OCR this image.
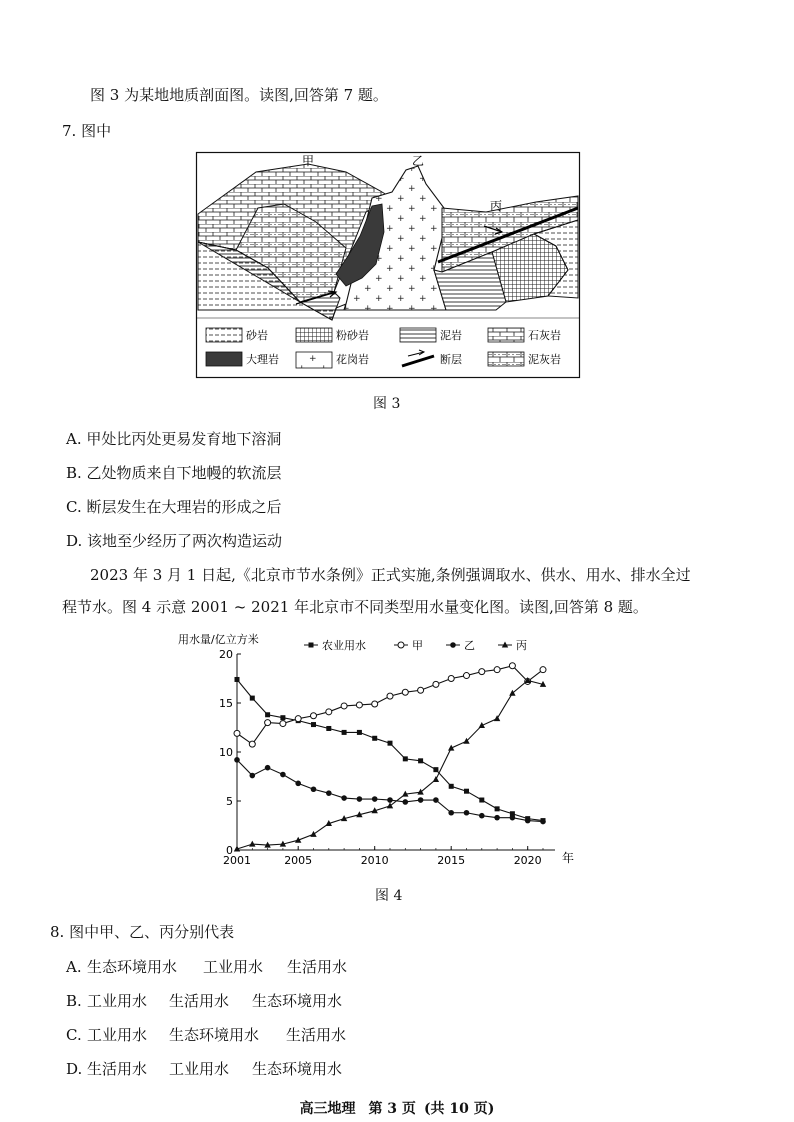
图 3 为某地地质剖面图。读图,回答第 7 题。
7. 图中
甲	乙
丙
砂岩	粉砂岩	泥岩	石灰岩
大理岩	花岗岩	断层	泥灰岩
图 3
A. 甲处比丙处更易发育地下溶洞
B. 乙处物质来自下地幔的软流层
C. 断层发生在大理岩的形成之后
D. 该地至少经历了两次构造运动
2023 年 3 月 1 日起,《北京市节水条例》正式实施,条例强调取水、供水、用水、排水全过
程节水。图 4 示意 2001 ~ 2021 年北京市不同类型用水量变化图。读图,回答第 8 题。
0
5
10
15
20
2001	2005	2010	2015	2020
农业用水	甲	乙	丙
用水量/亿立方米
年
图 4
8. 图中甲、乙、丙分别代表
A. 生态环境用水 工业用水 生活用水
B. 工业用水 生活用水 生态环境用水
C. 工业用水 生态环境用水 生活用水
D. 生活用水 工业用水 生态环境用水
高三地理 第 3 页 (共 10 页)
